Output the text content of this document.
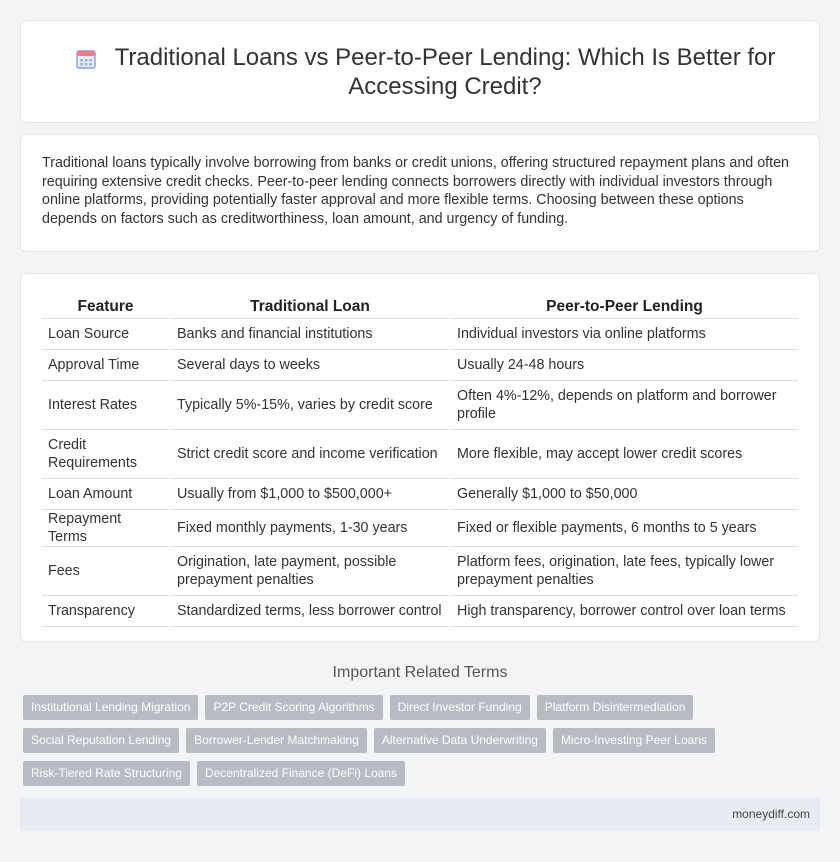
Traditional Loans vs Peer-to-Peer Lending: Which Is Better for Accessing Credit?

Traditional loans typically involve borrowing from banks or credit unions, offering structured repayment plans and often requiring extensive credit checks. Peer-to-peer lending connects borrowers directly with individual investors through online platforms, providing potentially faster approval and more flexible terms. Choosing between these options depends on factors such as creditworthiness, loan amount, and urgency of funding.

Feature	Traditional Loan	Peer-to-Peer Lending
Loan Source	Banks and financial institutions	Individual investors via online platforms
Approval Time	Several days to weeks	Usually 24-48 hours
Interest Rates	Typically 5%-15%, varies by credit score	Often 4%-12%, depends on platform and borrower profile
Credit Requirements	Strict credit score and income verification	More flexible, may accept lower credit scores
Loan Amount	Usually from $1,000 to $500,000+	Generally $1,000 to $50,000
Repayment Terms	Fixed monthly payments, 1-30 years	Fixed or flexible payments, 6 months to 5 years
Fees	Origination, late payment, possible prepayment penalties	Platform fees, origination, late fees, typically lower prepayment penalties
Transparency	Standardized terms, less borrower control	High transparency, borrower control over loan terms
Important Related Terms
Institutional Lending Migration	P2P Credit Scoring Algorithms	Direct Investor Funding	Platform Disintermediation
Social Reputation Lending	Borrower-Lender Matchmaking	Alternative Data Underwriting	Micro-Investing Peer Loans
Risk-Tiered Rate Structuring	Decentralized Finance (DeFi) Loans
moneydiff.com
